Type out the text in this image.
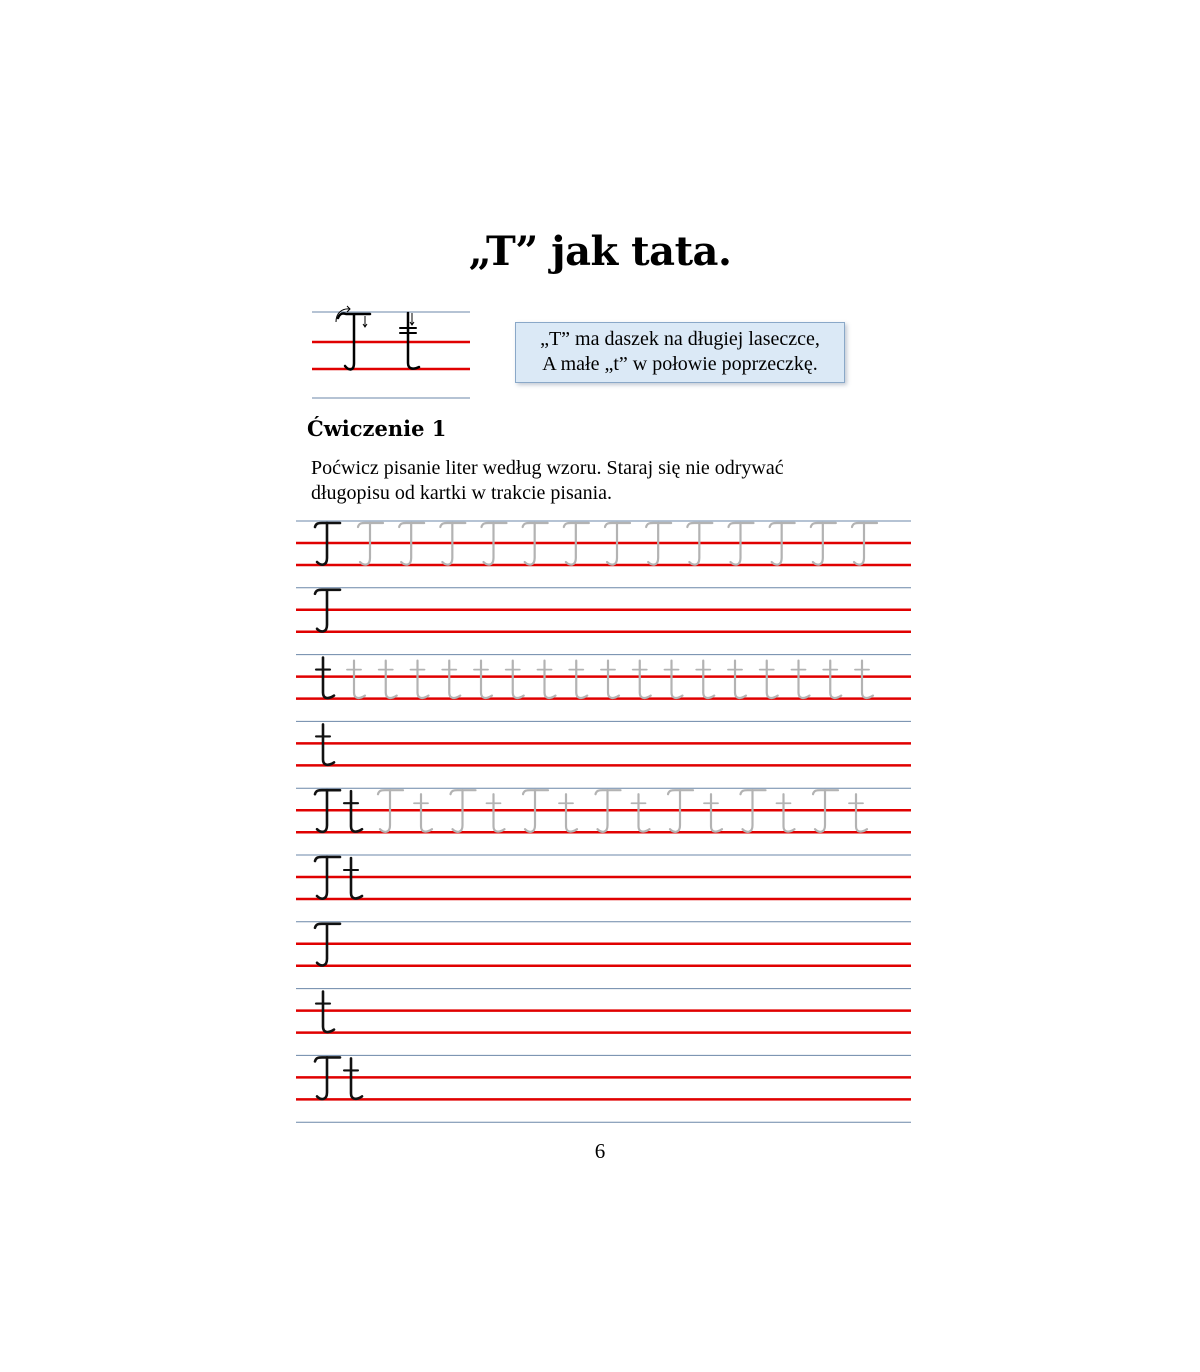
„T” jak tata.
„T” ma daszek na długiej laseczce,
A małe „t” w połowie poprzeczkę.
Ćwiczenie 1
Poćwicz pisanie liter według wzoru. Staraj się nie odrywać
długopisu od kartki w trakcie pisania.
6
